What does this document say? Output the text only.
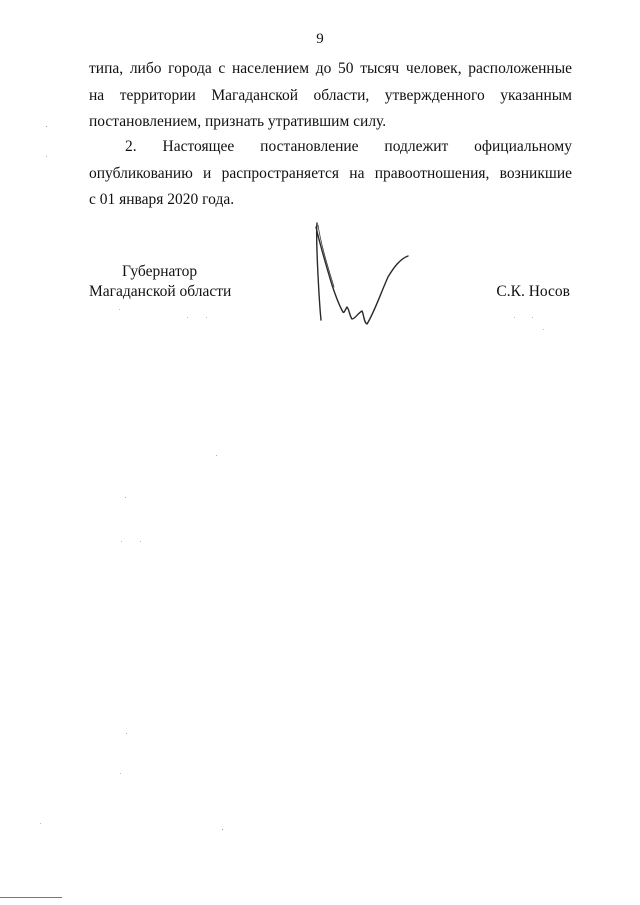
9
типа, либо города с населением до 50 тысяч человек, расположенные
на территории Магаданской области, утвержденного указанным
постановлением, признать утратившим силу.
2. Настоящее постановление подлежит официальному
опубликованию и распространяется на правоотношения, возникшие
с 01 января 2020 года.
Губернатор
Магаданской области	С.К. Носов
